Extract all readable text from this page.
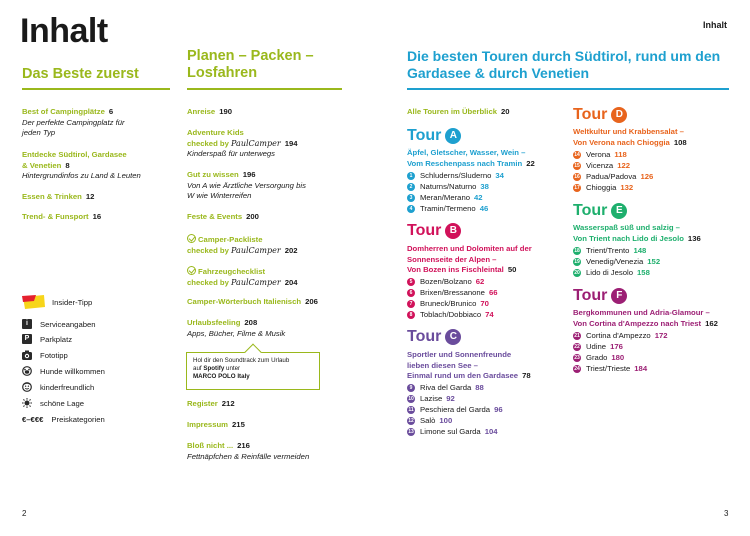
Inhalt
Das Beste zuerst
Best of Campingplätze 6
Der perfekte Campingplatz für
jeden Typ
Entdecke Südtirol, Gardasee
& Venetien 8
Hintergrundinfos zu Land & Leuten
Essen & Trinken 12
Trend- & Funsport 16
Insider-Tipp
i	Serviceangaben
P	Parkplatz
Fototipp
Hunde willkommen
kinderfreundlich
schöne Lage
€–€€€ Preiskategorien
2
Planen – Packen –
Losfahren
Anreise 190
Adventure Kids
checked by PaulCamper 194
Kinderspaß für unterwegs
Gut zu wissen 196
Von A wie Ärztliche Versorgung bis
W wie Winterreifen
Feste & Events 200
Camper-Packliste
checked by PaulCamper 202
Fahrzeugchecklist
checked by PaulCamper 204
Camper-Wörterbuch Italienisch 206
Urlaubsfeeling 208
Apps, Bücher, Filme & Musik
Hol dir den Soundtrack zum Urlaub
auf Spotify unter
MARCO POLO Italy
Register 212
Impressum 215
Bloß nicht ... 216
Fettnäpfchen & Reinfälle vermeiden
Inhalt
Die besten Touren durch Südtirol, rund um den
Gardasee & durch Venetien
Alle Touren im Überblick 20
Tour A
Äpfel, Gletscher, Wasser, Wein –
Vom Reschenpass nach Tramin 22
1 Schluderns/Sluderno 34
2 Naturns/Naturno 38
3 Meran/Merano 42
4 Tramin/Termeno 46
Tour B
Domherren und Dolomiten auf der
Sonnenseite der Alpen –
Von Bozen ins Fischleintal 50
5 Bozen/Bolzano 62
6 Brixen/Bressanone 66
7 Bruneck/Brunico 70
8 Toblach/Dobbiaco 74
Tour C
Sportler und Sonnenfreunde
lieben diesen See –
Einmal rund um den Gardasee 78
9 Riva del Garda 88
10 Lazise 92
11 Peschiera del Garda 96
12 Salò 100
13 Limone sul Garda 104
Tour D
Weltkultur und Krabbensalat –
Von Verona nach Chioggia 108
14 Verona 118
15 Vicenza 122
16 Padua/Padova 126
17 Chioggia 132
Tour E
Wasserspaß süß und salzig –
Von Trient nach Lido di Jesolo 136
18 Trient/Trento 148
19 Venedig/Venezia 152
20 Lido di Jesolo 158
Tour F
Bergkommunen und Adria-Glamour –
Von Cortina d'Ampezzo nach Triest 162
21 Cortina d'Ampezzo 172
22 Udine 176
23 Grado 180
24 Triest/Trieste 184
3
